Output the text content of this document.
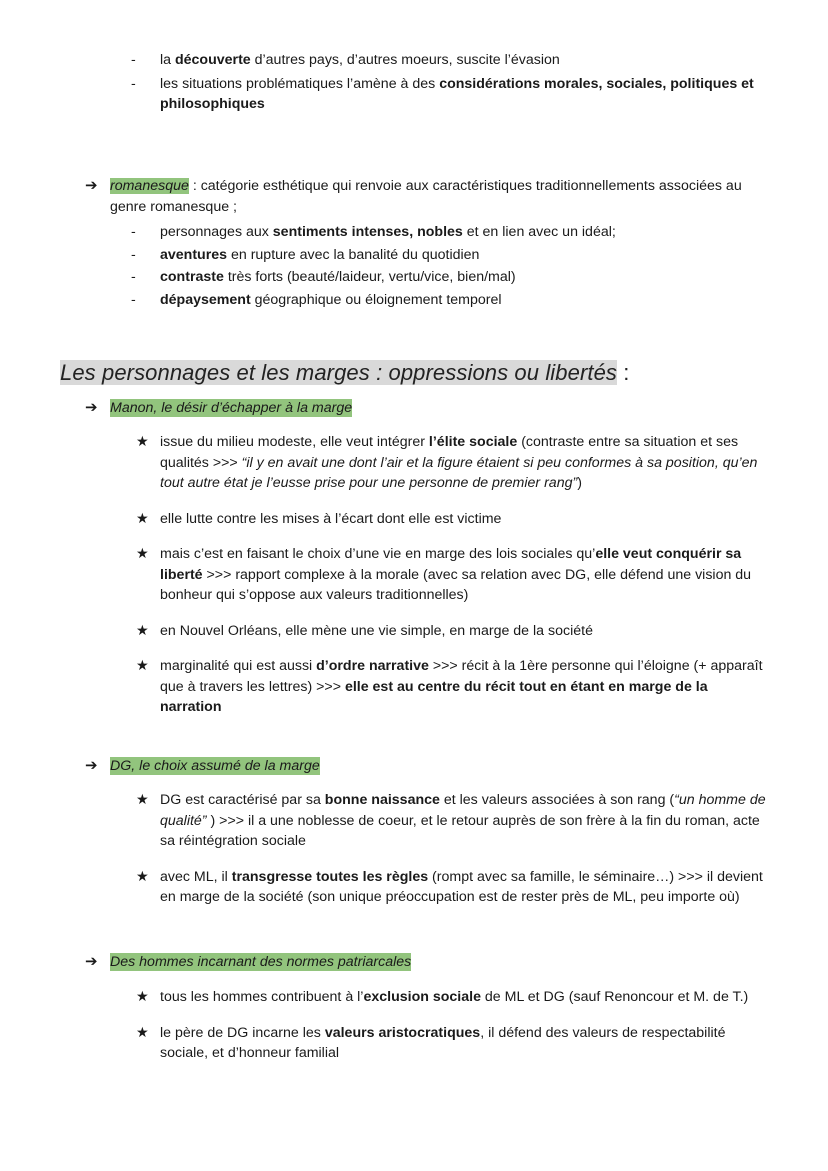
- la découverte d’autres pays, d’autres moeurs, suscite l’évasion
- les situations problématiques l’amène à des considérations morales, sociales, politiques et philosophiques
➔ romanesque : catégorie esthétique qui renvoie aux caractéristiques traditionnellements associées au genre romanesque ;
- personnages aux sentiments intenses, nobles et en lien avec un idéal;
- aventures en rupture avec la banalité du quotidien
- contraste très forts (beauté/laideur, vertu/vice, bien/mal)
- dépaysement géographique ou éloignement temporel
Les personnages et les marges : oppressions ou libertés :
➔ Manon, le désir d’échapper à la marge
★ issue du milieu modeste, elle veut intégrer l’élite sociale (contraste entre sa situation et ses qualités >>> “il y en avait une dont l’air et la figure étaient si peu conformes à sa position, qu’en tout autre état je l’eusse prise pour une personne de premier rang”)
★ elle lutte contre les mises à l’écart dont elle est victime
★ mais c’est en faisant le choix d’une vie en marge des lois sociales qu’elle veut conquérir sa liberté >>> rapport complexe à la morale (avec sa relation avec DG, elle défend une vision du bonheur qui s’oppose aux valeurs traditionnelles)
★ en Nouvel Orléans, elle mène une vie simple, en marge de la société
★ marginalité qui est aussi d’ordre narrative >>> récit à la 1ère personne qui l’éloigne (+ apparaît que à travers les lettres) >>> elle est au centre du récit tout en étant en marge de la narration
➔ DG, le choix assumé de la marge
★ DG est caractérisé par sa bonne naissance et les valeurs associées à son rang (“un homme de qualité” ) >>> il a une noblesse de coeur, et le retour auprès de son frère à la fin du roman, acte sa réintégration sociale
★ avec ML, il transgresse toutes les règles (rompt avec sa famille, le séminaire…) >>> il devient en marge de la société (son unique préoccupation est de rester près de ML, peu importe où)
➔ Des hommes incarnant des normes patriarcales
★ tous les hommes contribuent à l’exclusion sociale de ML et DG (sauf Renoncour et M. de T.)
★ le père de DG incarne les valeurs aristocratiques, il défend des valeurs de respectabilité sociale, et d’honneur familial
